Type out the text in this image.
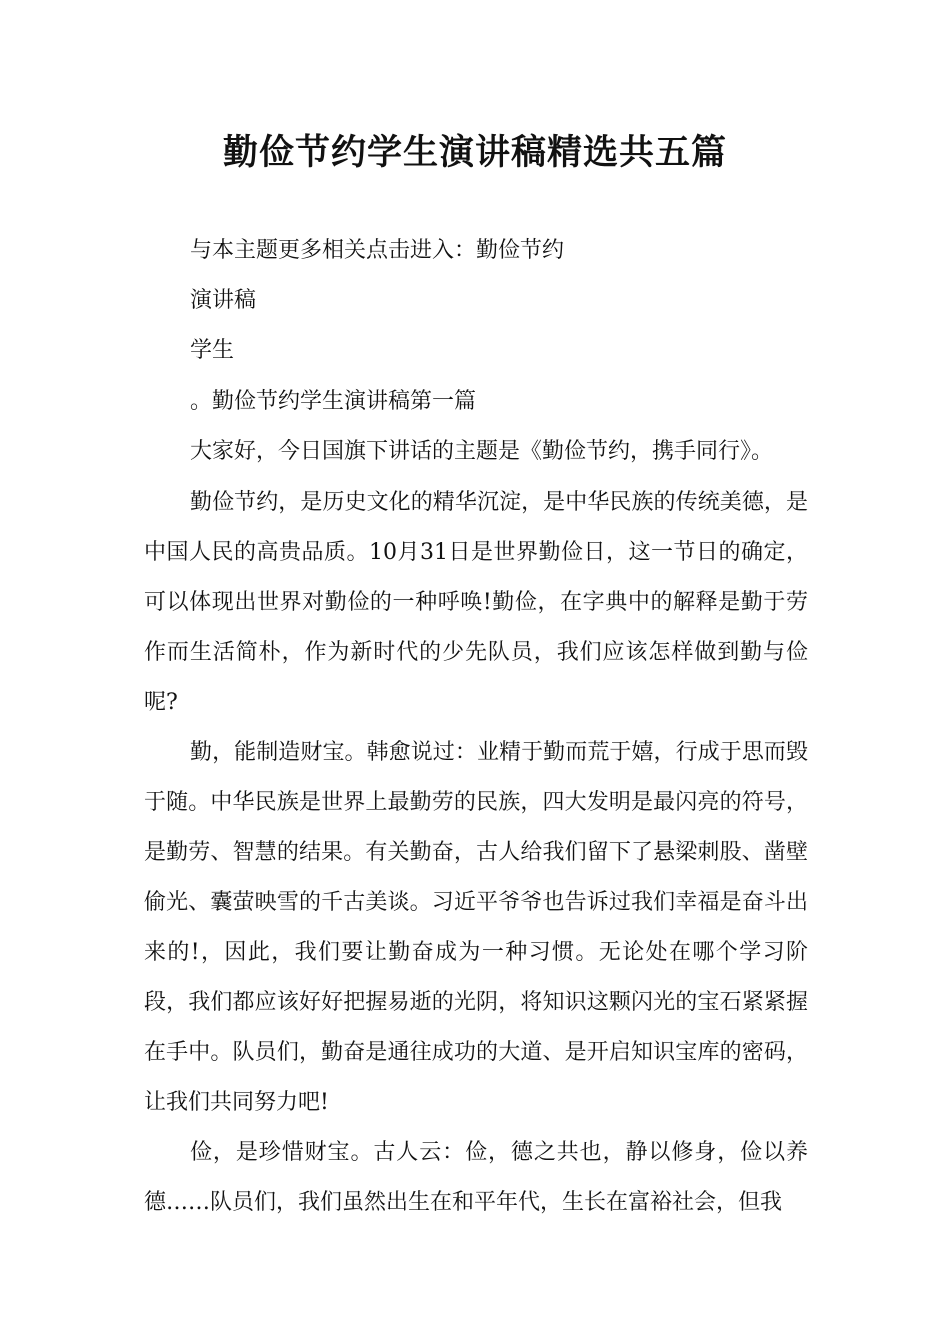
勤俭节约学生演讲稿精选共五篇

与本主题更多相关点击进入：勤俭节约

演讲稿

学生

。勤俭节约学生演讲稿第一篇

大家好，今日国旗下讲话的主题是《勤俭节约，携手同行》。

勤俭节约，是历史文化的精华沉淀，是中华民族的传统美德，是中国人民的高贵品质。10月31日是世界勤俭日，这一节日的确定，可以体现出世界对勤俭的一种呼唤!勤俭，在字典中的解释是勤于劳作而生活简朴，作为新时代的少先队员，我们应该怎样做到勤与俭呢?

勤，能制造财宝。韩愈说过：业精于勤而荒于嬉，行成于思而毁于随。中华民族是世界上最勤劳的民族，四大发明是最闪亮的符号，是勤劳、智慧的结果。有关勤奋，古人给我们留下了悬梁刺股、凿壁偷光、囊萤映雪的千古美谈。习近平爷爷也告诉过我们幸福是奋斗出来的!，因此，我们要让勤奋成为一种习惯。无论处在哪个学习阶段，我们都应该好好把握易逝的光阴，将知识这颗闪光的宝石紧紧握在手中。队员们，勤奋是通往成功的大道、是开启知识宝库的密码，让我们共同努力吧!

俭，是珍惜财宝。古人云：俭，德之共也，静以修身，俭以养德……队员们，我们虽然出生在和平年代，生长在富裕社会，但我
